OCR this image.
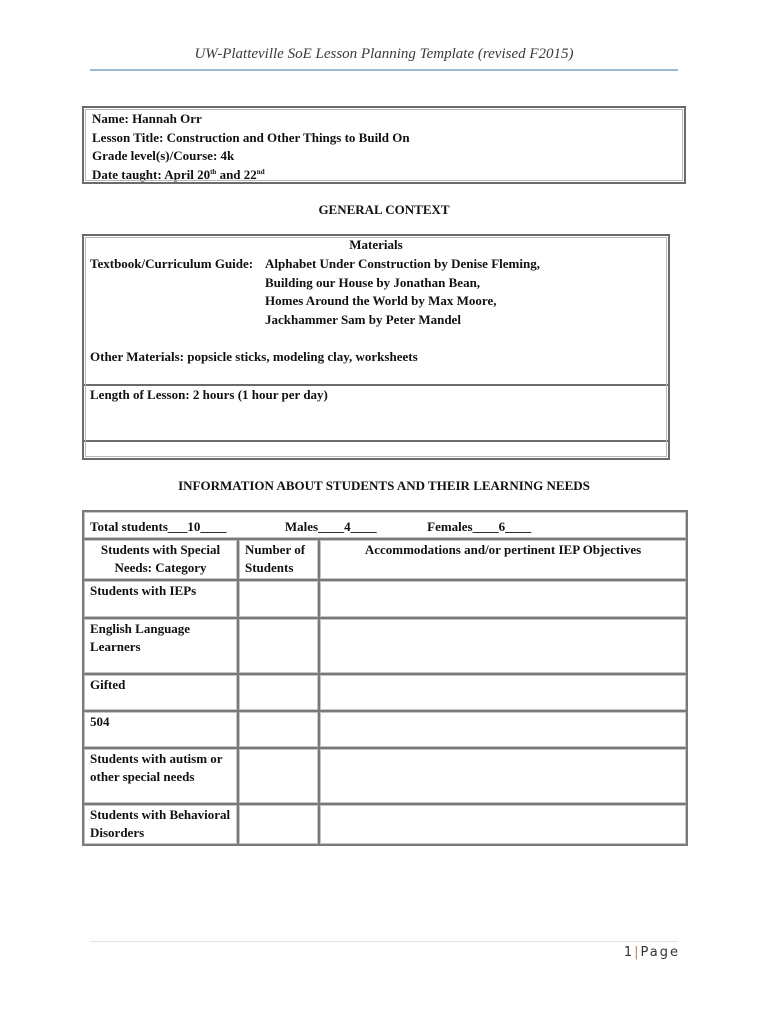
UW-Platteville SoE Lesson Planning Template (revised F2015)
Name: Hannah Orr
Lesson Title: Construction and Other Things to Build On
Grade level(s)/Course: 4k
Date taught: April 20th and 22nd
GENERAL CONTEXT
Materials
Textbook/Curriculum Guide: Alphabet Under Construction by Denise Fleming,
Building our House by Jonathan Bean,
Homes Around the World by Max Moore,
Jackhammer Sam by Peter Mandel
Other Materials: popsicle sticks, modeling clay, worksheets
Length of Lesson: 2 hours (1 hour per day)
INFORMATION ABOUT STUDENTS AND THEIR LEARNING NEEDS
Total students___10____ Males____4____ Females____6____		
Students with Special Needs: Category	Number of Students	Accommodations and/or pertinent IEP Objectives
Students with IEPs		
English Language Learners		
Gifted		
504		
Students with autism or other special needs		
Students with Behavioral Disorders		
1|Page
